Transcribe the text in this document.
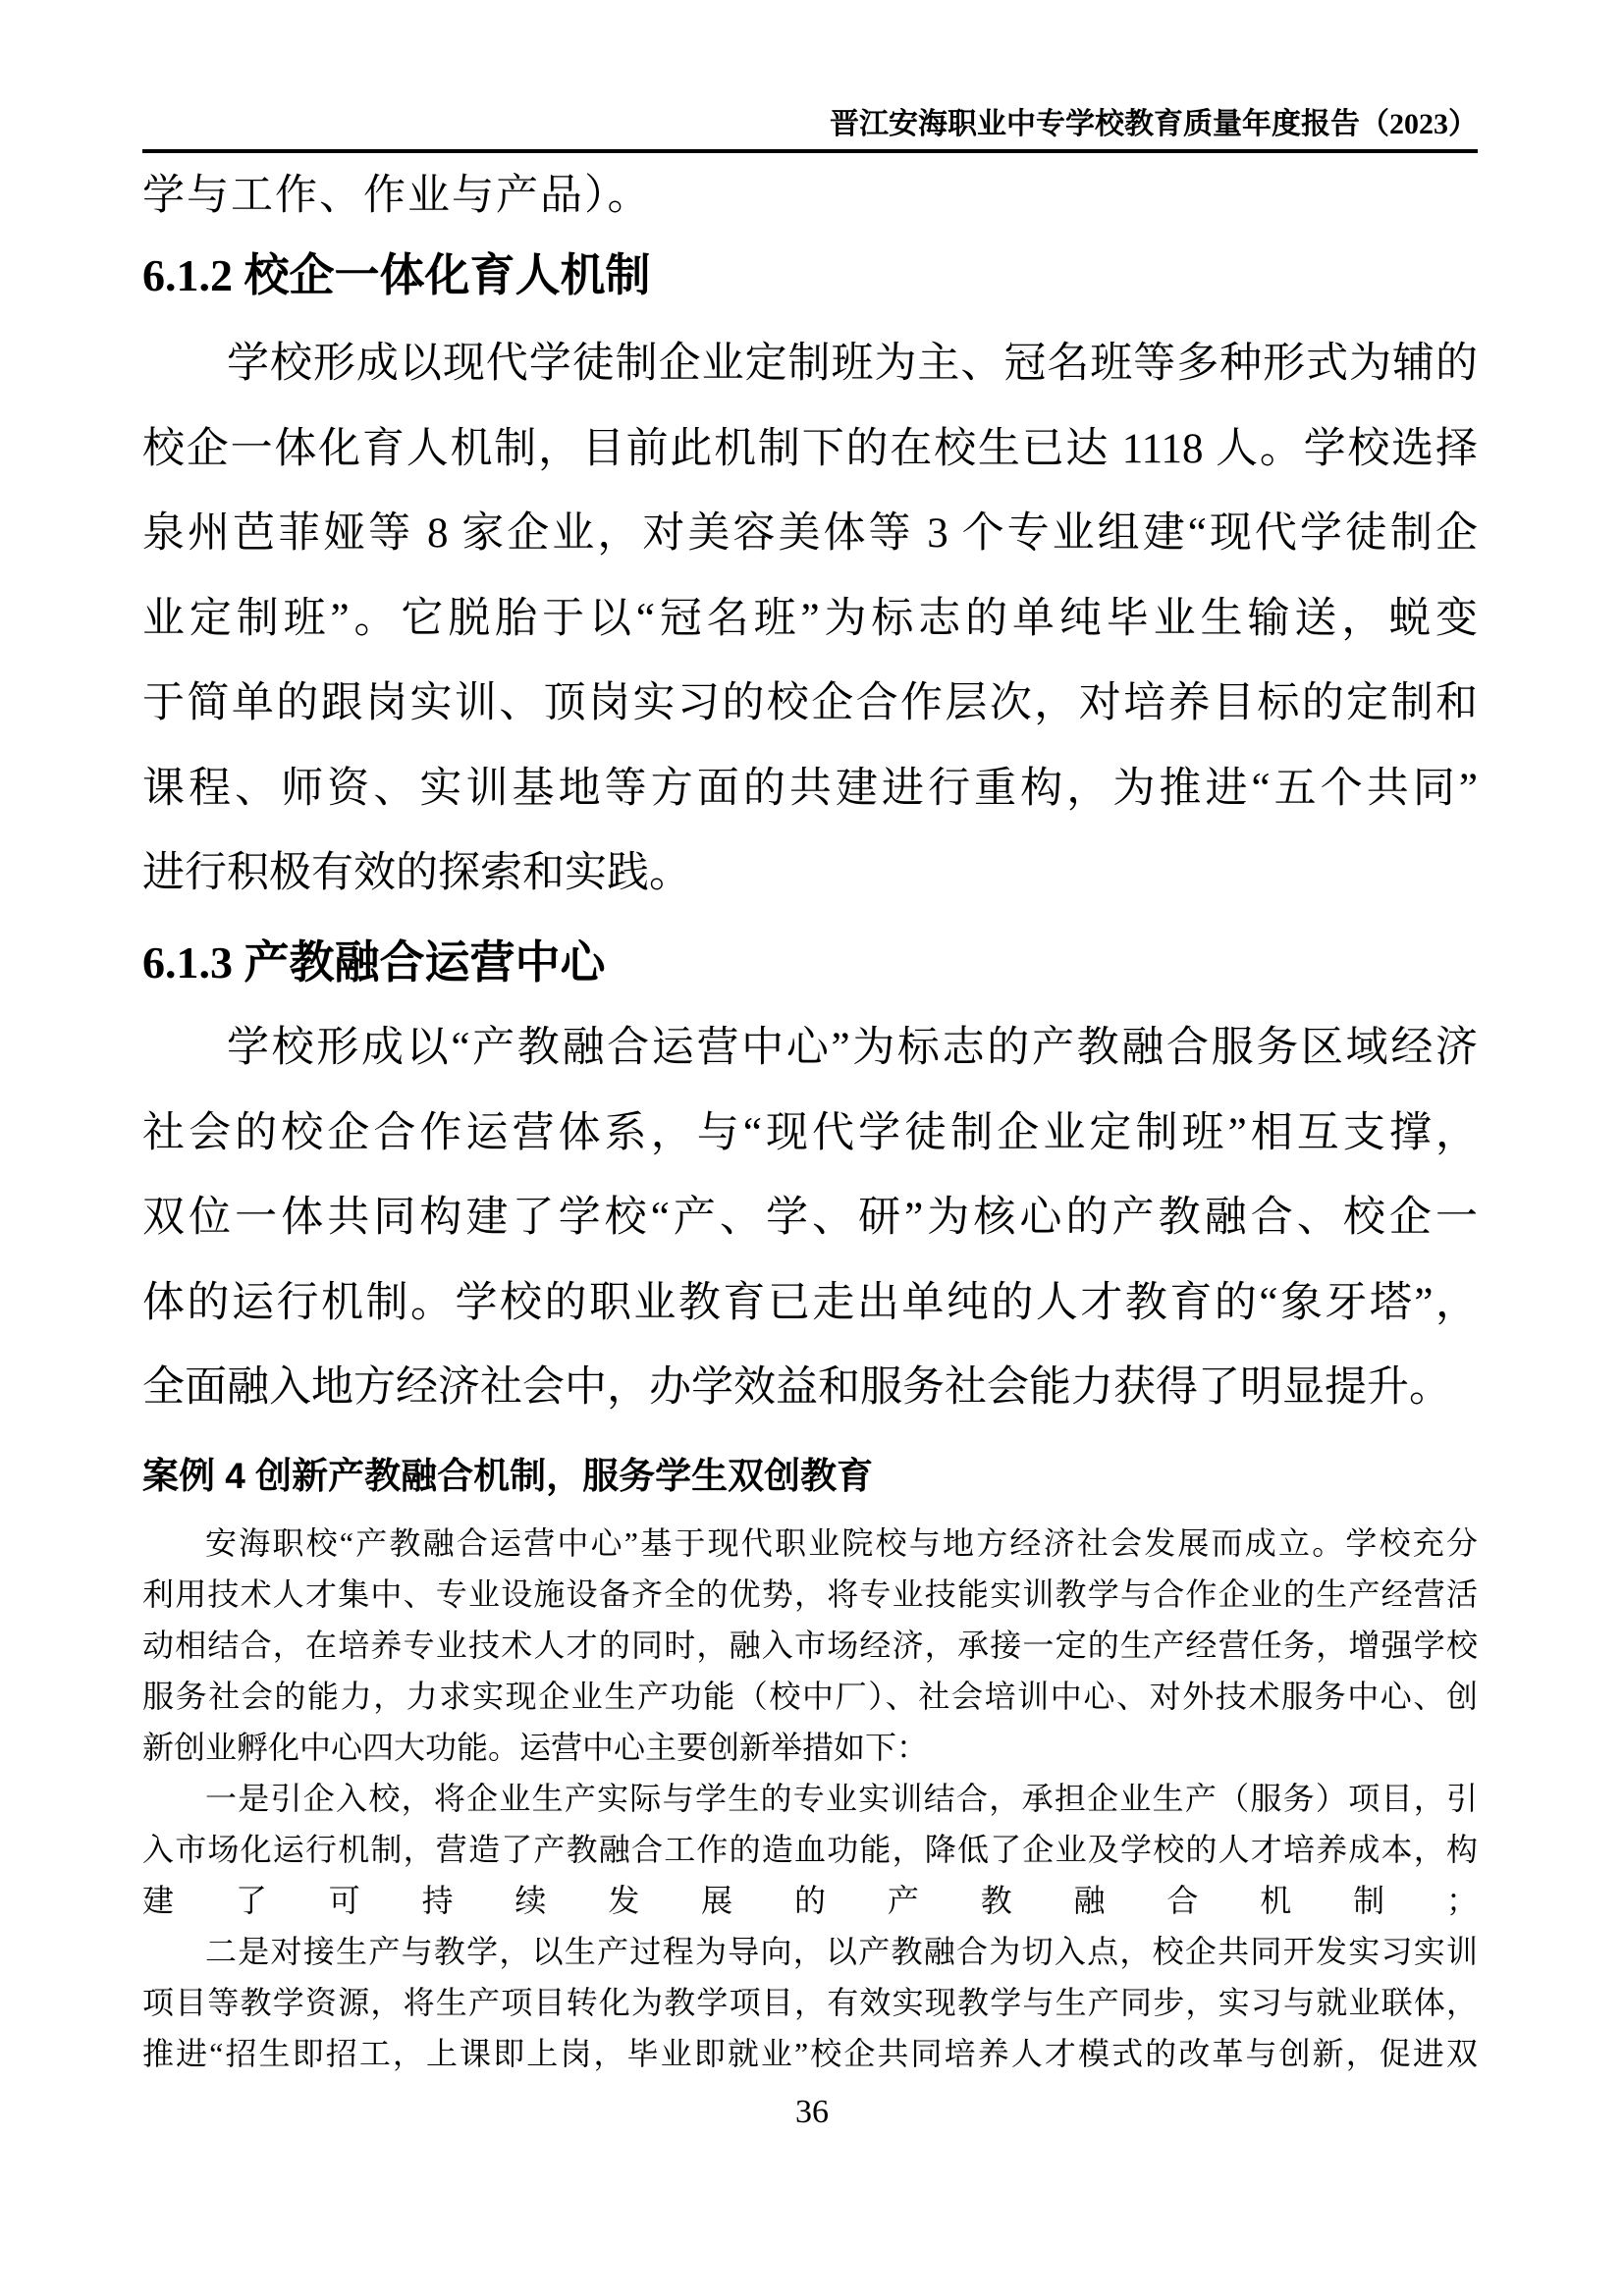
晋江安海职业中专学校教育质量年度报告（2023）
学与工作、作业与产品）。
6.1.2 校企一体化育人机制
学校形成以现代学徒制企业定制班为主、冠名班等多种形式为辅的
校企一体化育人机制，目前此机制下的在校生已达 1118 人。学校选择
泉州芭菲娅等 8 家企业，对美容美体等 3 个专业组建“现代学徒制企
业定制班”。它脱胎于以“冠名班”为标志的单纯毕业生输送，蜕变
于简单的跟岗实训、顶岗实习的校企合作层次，对培养目标的定制和
课程、师资、实训基地等方面的共建进行重构，为推进“五个共同”
进行积极有效的探索和实践。
6.1.3 产教融合运营中心
学校形成以“产教融合运营中心”为标志的产教融合服务区域经济
社会的校企合作运营体系，与“现代学徒制企业定制班”相互支撑，
双位一体共同构建了学校“产、学、研”为核心的产教融合、校企一
体的运行机制。学校的职业教育已走出单纯的人才教育的“象牙塔”，
全面融入地方经济社会中，办学效益和服务社会能力获得了明显提升。
案例 4 创新产教融合机制，服务学生双创教育
安海职校“产教融合运营中心”基于现代职业院校与地方经济社会发展而成立。学校充分
利用技术人才集中、专业设施设备齐全的优势，将专业技能实训教学与合作企业的生产经营活
动相结合，在培养专业技术人才的同时，融入市场经济，承接一定的生产经营任务，增强学校
服务社会的能力，力求实现企业生产功能（校中厂）、社会培训中心、对外技术服务中心、创
新创业孵化中心四大功能。运营中心主要创新举措如下：
一是引企入校，将企业生产实际与学生的专业实训结合，承担企业生产（服务）项目，引
入市场化运行机制，营造了产教融合工作的造血功能，降低了企业及学校的人才培养成本，构
建了可持续发展的产教融合机制；
二是对接生产与教学，以生产过程为导向，以产教融合为切入点，校企共同开发实习实训
项目等教学资源，将生产项目转化为教学项目，有效实现教学与生产同步，实习与就业联体，
推进“招生即招工，上课即上岗，毕业即就业”校企共同培养人才模式的改革与创新，促进双
36
